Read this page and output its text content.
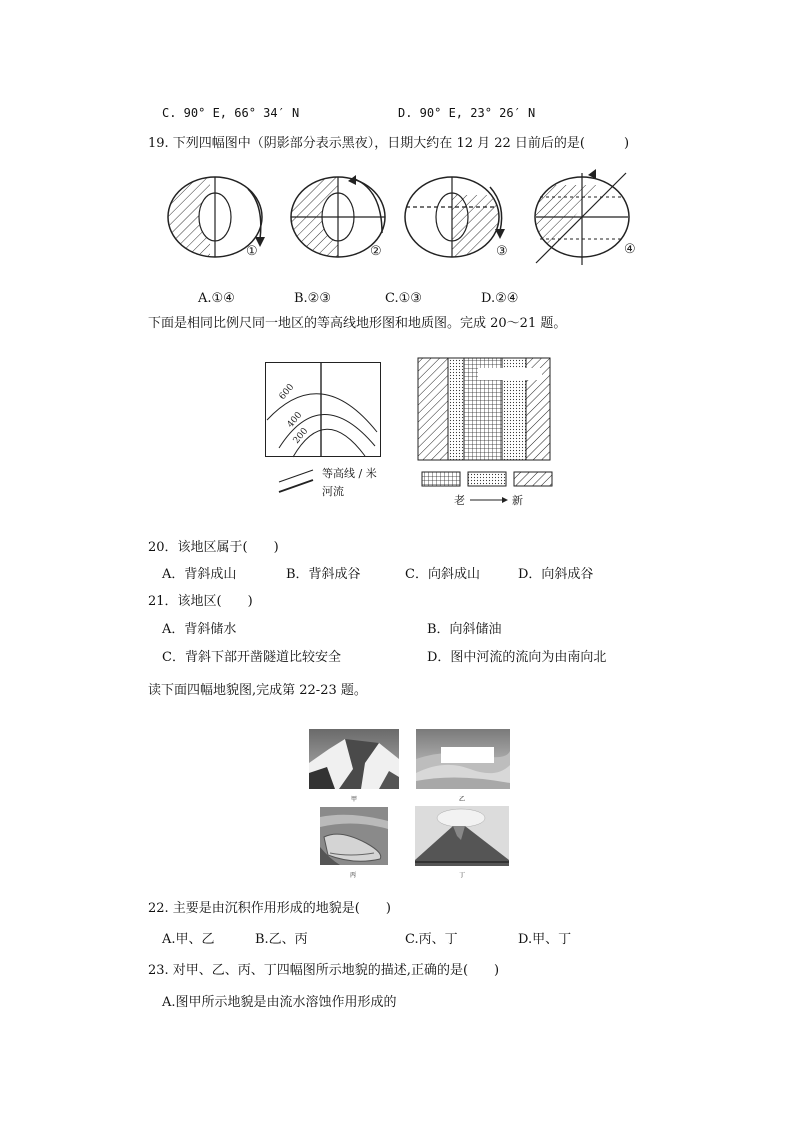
C. 90° E, 66° 34′ N	D. 90° E, 23° 26′ N
19. 下列四幅图中（阴影部分表示黑夜），日期大约在 12 月 22 日前后的是(　　　)
①	②	③	④
A.①④	B.②③	C.①③	D.②④
下面是相同比例尺同一地区的等高线地形图和地质图。完成 20～21 题。
600
400
200
等高线 / 米
河流
老	新
20．该地区属于(　　)
A．背斜成山	B．背斜成谷	C．向斜成山	D．向斜成谷
21．该地区(　　)
A．背斜储水	B．向斜储油
C．背斜下部开凿隧道比较安全	D．图中河流的流向为由南向北
读下面四幅地貌图,完成第 22-23 题。
甲	乙
丙	丁
22. 主要是由沉积作用形成的地貌是(　　)
A.甲、乙	B.乙、丙	C.丙、丁	D.甲、丁
23. 对甲、乙、丙、丁四幅图所示地貌的描述,正确的是(　　)
A.图甲所示地貌是由流水溶蚀作用形成的
